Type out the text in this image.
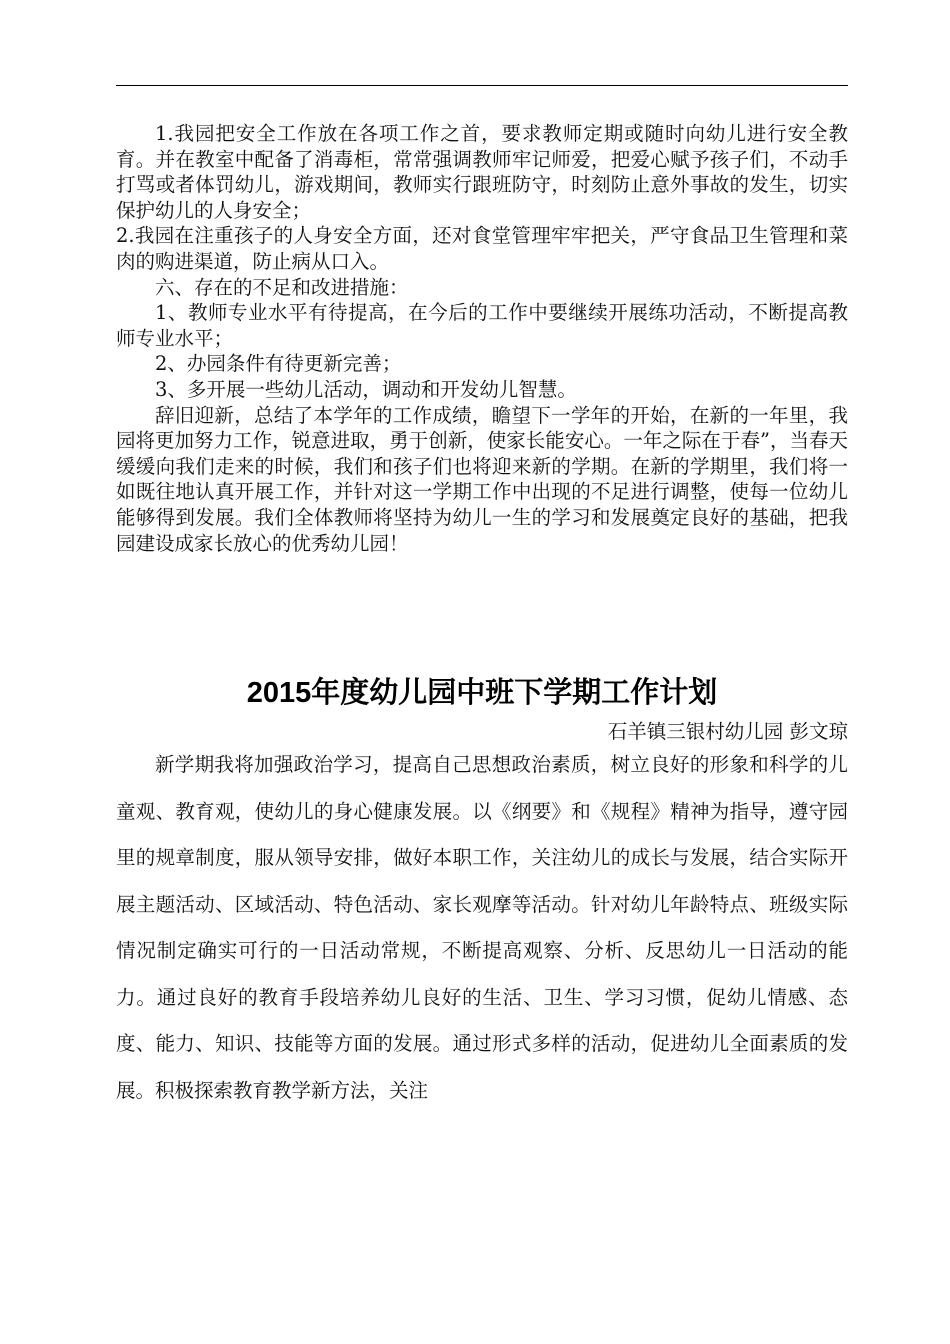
1.我园把安全工作放在各项工作之首，要求教师定期或随时向幼儿进行安全教育。并在教室中配备了消毒柜，常常强调教师牢记师爱，把爱心赋予孩子们，不动手打骂或者体罚幼儿，游戏期间，教师实行跟班防守，时刻防止意外事故的发生，切实保护幼儿的人身安全；

2.我园在注重孩子的人身安全方面，还对食堂管理牢牢把关，严守食品卫生管理和菜肉的购进渠道，防止病从口入。

六、存在的不足和改进措施：

1、教师专业水平有待提高，在今后的工作中要继续开展练功活动，不断提高教师专业水平；

2、办园条件有待更新完善；

3、多开展一些幼儿活动，调动和开发幼儿智慧。

辞旧迎新，总结了本学年的工作成绩，瞻望下一学年的开始，在新的一年里，我园将更加努力工作，锐意进取，勇于创新，使家长能安心。一年之际在于春”，当春天缓缓向我们走来的时候，我们和孩子们也将迎来新的学期。在新的学期里，我们将一如既往地认真开展工作，并针对这一学期工作中出现的不足进行调整，使每一位幼儿能够得到发展。我们全体教师将坚持为幼儿一生的学习和发展奠定良好的基础，把我园建设成家长放心的优秀幼儿园！

2015年度幼儿园中班下学期工作计划
石羊镇三银村幼儿园 彭文琼

新学期我将加强政治学习，提高自己思想政治素质，树立良好的形象和科学的儿童观、教育观，使幼儿的身心健康发展。以《纲要》和《规程》精神为指导，遵守园里的规章制度，服从领导安排，做好本职工作，关注幼儿的成长与发展，结合实际开展主题活动、区域活动、特色活动、家长观摩等活动。针对幼儿年龄特点、班级实际情况制定确实可行的一日活动常规，不断提高观察、分析、反思幼儿一日活动的能力。通过良好的教育手段培养幼儿良好的生活、卫生、学习习惯，促幼儿情感、态度、能力、知识、技能等方面的发展。通过形式多样的活动，促进幼儿全面素质的发展。积极探索教育教学新方法，关注
